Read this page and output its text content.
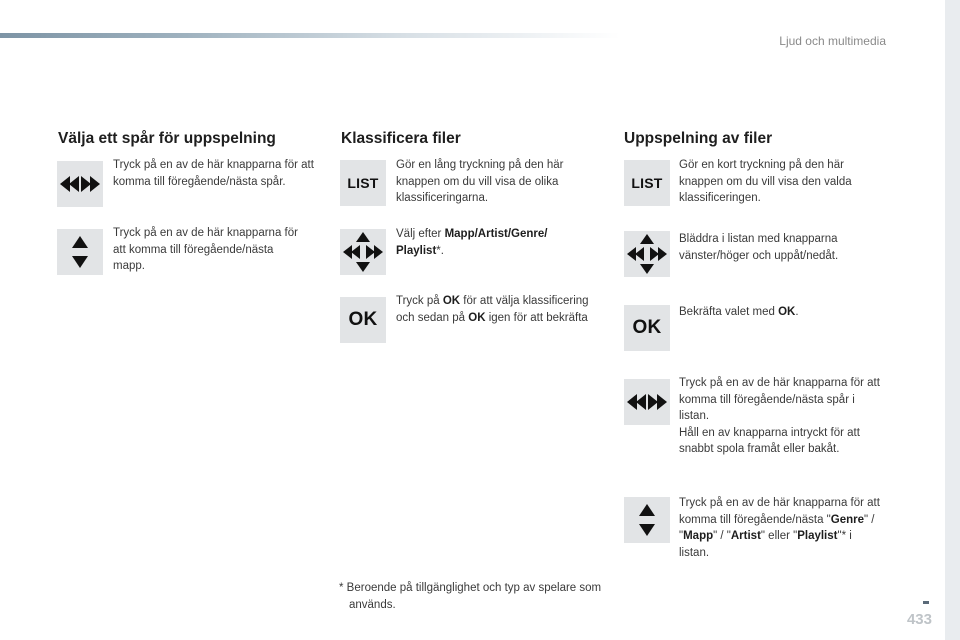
Ljud och multimedia
Välja ett spår för uppspelning
Tryck på en av de här knapparna för att komma till föregående/nästa spår.
Tryck på en av de här knapparna för att komma till föregående/nästa mapp.
Klassificera filer
LIST
Gör en lång tryckning på den här knappen om du vill visa de olika klassificeringarna.
Välj efter Mapp/Artist/Genre/ Playlist*.
OK
Tryck på OK för att välja klassificering och sedan på OK igen för att bekräfta
* Beroende på tillgänglighet och typ av spelare som används.
Uppspelning av filer
LIST
Gör en kort tryckning på den här knappen om du vill visa den valda klassificeringen.
Bläddra i listan med knapparna vänster/höger och uppåt/nedåt.
OK
Bekräfta valet med OK.
Tryck på en av de här knapparna för att komma till föregående/nästa spår i listan.
Håll en av knapparna intryckt för att snabbt spola framåt eller bakåt.
Tryck på en av de här knapparna för att komma till föregående/nästa "Genre" / "Mapp" / "Artist" eller "Playlist"* i listan.
433
